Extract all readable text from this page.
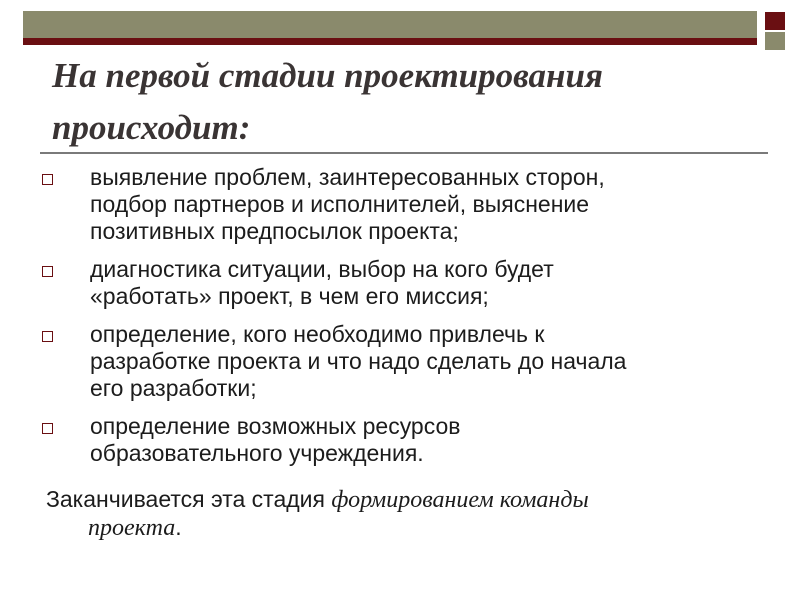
На первой стадии проектирования
происходит:
выявление проблем, заинтересованных сторон,
подбор партнеров и исполнителей, выяснение
позитивных предпосылок проекта;
диагностика ситуации, выбор на кого будет
«работать» проект, в чем его миссия;
определение, кого необходимо привлечь к
разработке проекта и что надо сделать до начала
его разработки;
определение возможных ресурсов
образовательного учреждения.
Заканчивается эта стадия формированием команды
проекта.
